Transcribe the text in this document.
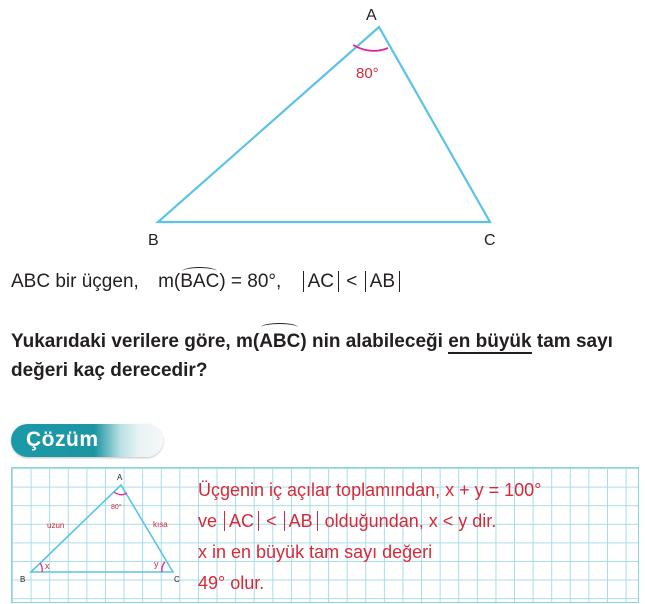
A
B	C
80°
ABC bir üçgen, m(BAC) = 80°, AC < AB
Yukarıdaki verilere göre, m(ABC) nin alabileceği en büyük tam sayı değeri kaç derecedir?
Çözüm
A
B	C
80°
x	y
uzun	kısa
Üçgenin iç açılar toplamından, x + y = 100°
ve AC < AB olduğundan, x < y dir.
x in en büyük tam sayı değeri
49° olur.
